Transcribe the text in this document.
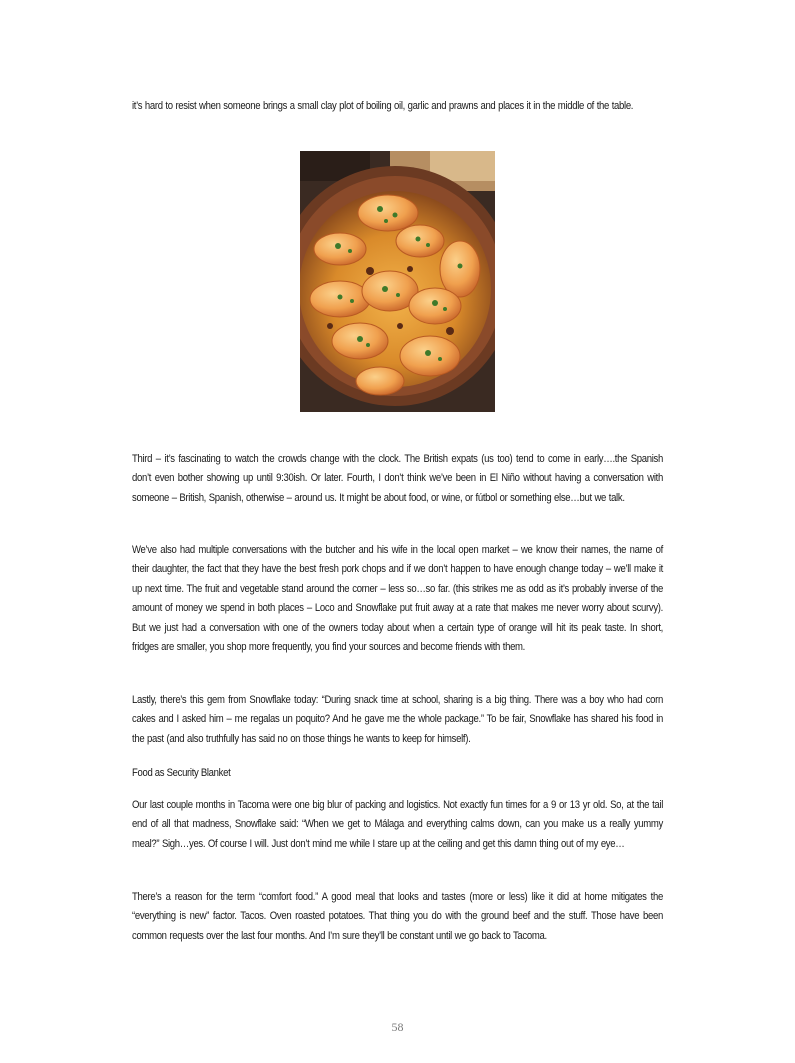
it’s hard to resist when someone brings a small clay plot of boiling oil, garlic and prawns and places it in the middle of the table.

Third – it’s fascinating to watch the crowds change with the clock. The British expats (us too) tend to come in early….the Spanish don’t even bother showing up until 9:30ish. Or later. Fourth, I don’t think we’ve been in El Niño without having a conversation with someone – British, Spanish, otherwise – around us. It might be about food, or wine, or fútbol or something else…but we talk.

We’ve also had multiple conversations with the butcher and his wife in the local open market – we know their names, the name of their daughter, the fact that they have the best fresh pork chops and if we don’t happen to have enough change today – we’ll make it up next time. The fruit and vegetable stand around the corner – less so…so far. (this strikes me as odd as it’s probably inverse of the amount of money we spend in both places – Loco and Snowflake put fruit away at a rate that makes me never worry about scurvy). But we just had a conversation with one of the owners today about when a certain type of orange will hit its peak taste. In short, fridges are smaller, you shop more frequently, you find your sources and become friends with them.

Lastly, there’s this gem from Snowflake today: “During snack time at school, sharing is a big thing. There was a boy who had corn cakes and I asked him – me regalas un poquito? And he gave me the whole package.” To be fair, Snowflake has shared his food in the past (and also truthfully has said no on those things he wants to keep for himself).

Food as Security Blanket

Our last couple months in Tacoma were one big blur of packing and logistics. Not exactly fun times for a 9 or 13 yr old. So, at the tail end of all that madness, Snowflake said: “When we get to Málaga and everything calms down, can you make us a really yummy meal?” Sigh…yes. Of course I will. Just don’t mind me while I stare up at the ceiling and get this damn thing out of my eye…

There’s a reason for the term “comfort food.” A good meal that looks and tastes (more or less) like it did at home mitigates the “everything is new” factor. Tacos. Oven roasted potatoes. That thing you do with the ground beef and the stuff. Those have been common requests over the last four months. And I’m sure they’ll be constant until we go back to Tacoma.

58
